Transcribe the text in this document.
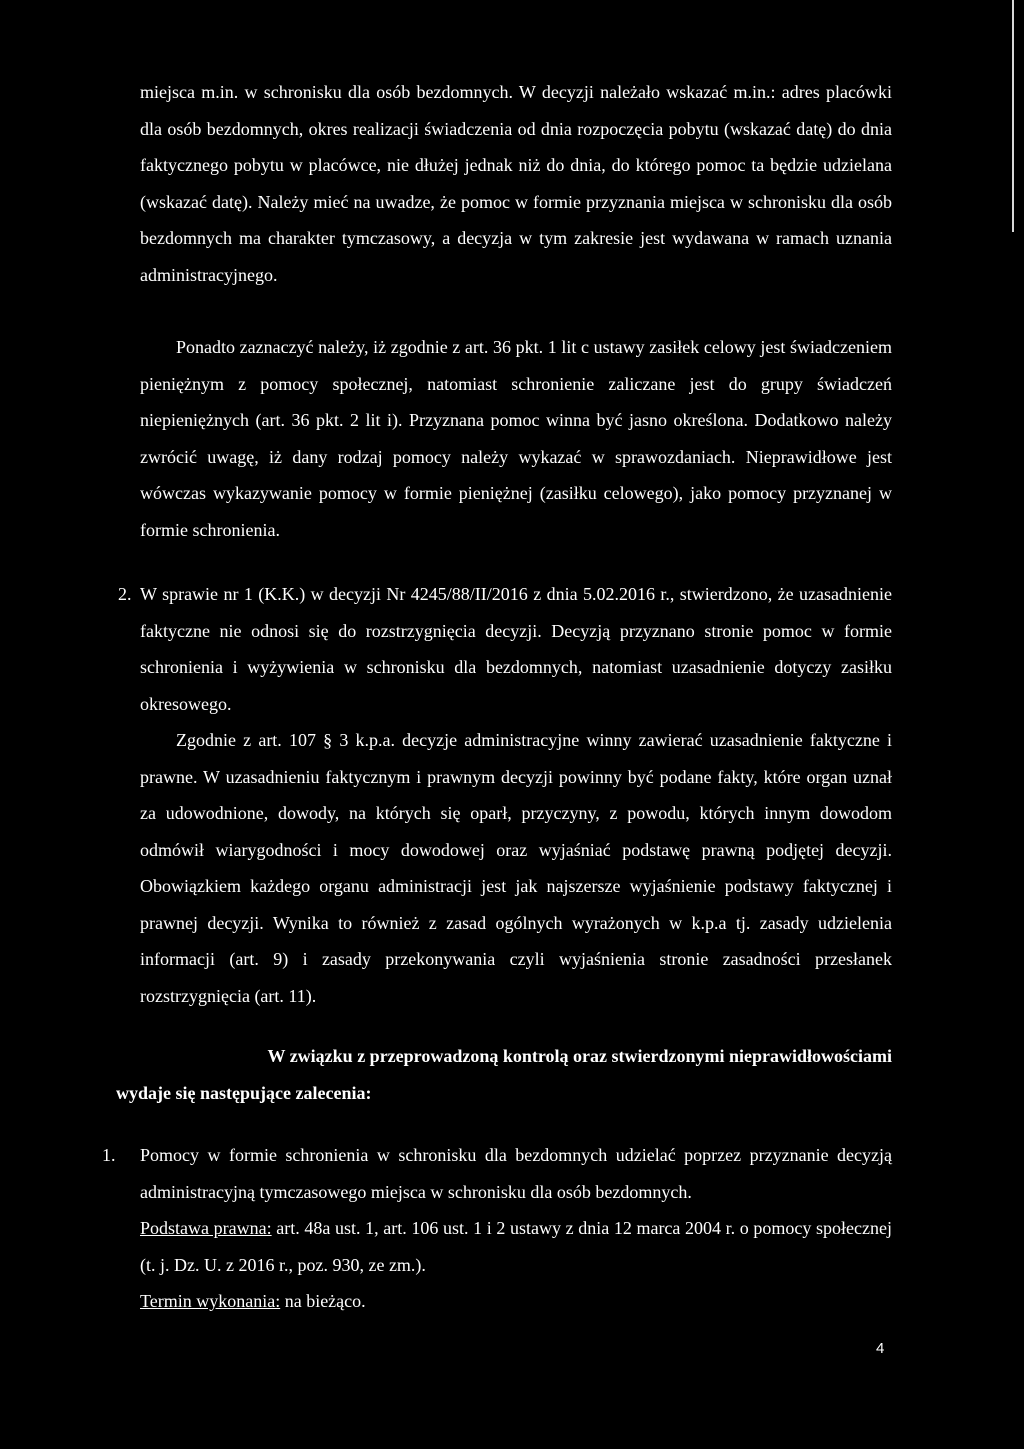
miejsca m.in. w schronisku dla osób bezdomnych. W decyzji należało wskazać m.in.: adres placówki dla osób bezdomnych, okres realizacji świadczenia od dnia rozpoczęcia pobytu (wskazać datę) do dnia faktycznego pobytu w placówce, nie dłużej jednak niż do dnia, do którego pomoc ta będzie udzielana (wskazać datę). Należy mieć na uwadze, że pomoc w formie przyznania miejsca w schronisku dla osób bezdomnych ma charakter tymczasowy, a decyzja w tym zakresie jest wydawana w ramach uznania administracyjnego.

Ponadto zaznaczyć należy, iż zgodnie z art. 36 pkt. 1 lit c ustawy zasiłek celowy jest świadczeniem pieniężnym z pomocy społecznej, natomiast schronienie zaliczane jest do grupy świadczeń niepieniężnych (art. 36 pkt. 2 lit i). Przyznana pomoc winna być jasno określona. Dodatkowo należy zwrócić uwagę, iż dany rodzaj pomocy należy wykazać w sprawozdaniach. Nieprawidłowe jest wówczas wykazywanie pomocy w formie pieniężnej (zasiłku celowego), jako pomocy przyznanej w formie schronienia.

2. W sprawie nr 1 (K.K.) w decyzji Nr 4245/88/II/2016 z dnia 5.02.2016 r., stwierdzono, że uzasadnienie faktyczne nie odnosi się do rozstrzygnięcia decyzji. Decyzją przyznano stronie pomoc w formie schronienia i wyżywienia w schronisku dla bezdomnych, natomiast uzasadnienie dotyczy zasiłku okresowego.

Zgodnie z art. 107 § 3 k.p.a. decyzje administracyjne winny zawierać uzasadnienie faktyczne i prawne. W uzasadnieniu faktycznym i prawnym decyzji powinny być podane fakty, które organ uznał za udowodnione, dowody, na których się oparł, przyczyny, z powodu, których innym dowodom odmówił wiarygodności i mocy dowodowej oraz wyjaśniać podstawę prawną podjętej decyzji. Obowiązkiem każdego organu administracji jest jak najszersze wyjaśnienie podstawy faktycznej i prawnej decyzji. Wynika to również z zasad ogólnych wyrażonych w k.p.a tj. zasady udzielenia informacji (art. 9) i zasady przekonywania czyli wyjaśnienia stronie zasadności przesłanek rozstrzygnięcia (art. 11).

W związku z przeprowadzoną kontrolą oraz stwierdzonymi nieprawidłowościami
wydaje się następujące zalecenia:
1. Pomocy w formie schronienia w schronisku dla bezdomnych udzielać poprzez przyznanie decyzją administracyjną tymczasowego miejsca w schronisku dla osób bezdomnych.
Podstawa prawna: art. 48a ust. 1, art. 106 ust. 1 i 2 ustawy z dnia 12 marca 2004 r. o pomocy społecznej (t. j. Dz. U. z 2016 r., poz. 930, ze zm.).
Termin wykonania: na bieżąco.
4
